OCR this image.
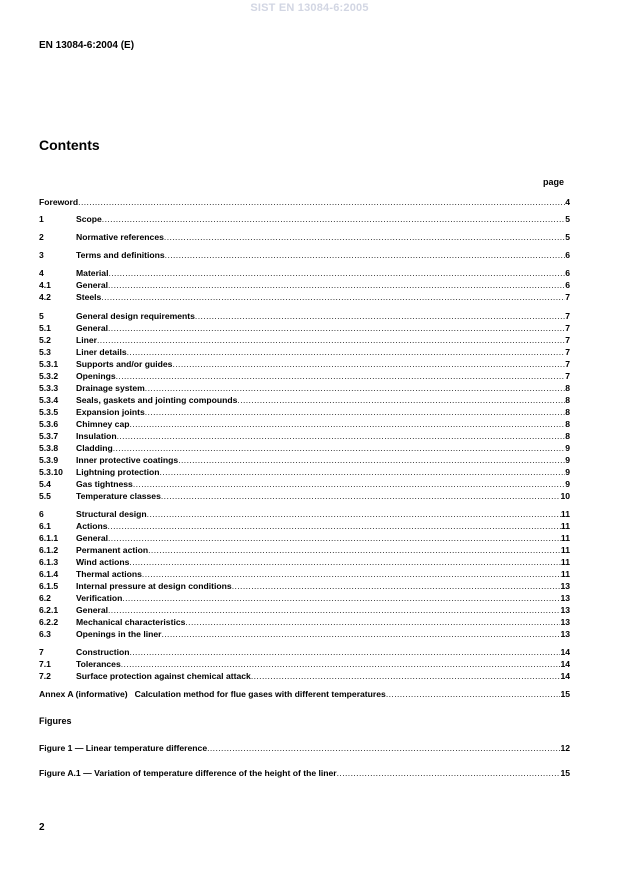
SIST EN 13084-6:2005
EN 13084-6:2004 (E)
Contents
page
Foreword .....	4
1	Scope .....	5
2	Normative references .....	5
3	Terms and definitions .....	6
4	Material .....	6
4.1	General .....	6
4.2	Steels .....	7
5	General design requirements .....	7
5.1	General .....	7
5.2	Liner .....	7
5.3	Liner details .....	7
5.3.1	Supports and/or guides .....	7
5.3.2	Openings .....	7
5.3.3	Drainage system .....	8
5.3.4	Seals, gaskets and jointing compounds .....	8
5.3.5	Expansion joints .....	8
5.3.6	Chimney cap .....	8
5.3.7	Insulation .....	8
5.3.8	Cladding .....	9
5.3.9	Inner protective coatings .....	9
5.3.10	Lightning protection .....	9
5.4	Gas tightness .....	9
5.5	Temperature classes .....	10
6	Structural design .....	11
6.1	Actions .....	11
6.1.1	General .....	11
6.1.2	Permanent action .....	11
6.1.3	Wind actions .....	11
6.1.4	Thermal actions .....	11
6.1.5	Internal pressure at design conditions .....	13
6.2	Verification .....	13
6.2.1	General .....	13
6.2.2	Mechanical characteristics .....	13
6.3	Openings in the liner .....	13
7	Construction .....	14
7.1	Tolerances .....	14
7.2	Surface protection against chemical attack .....	14
Annex A (informative) Calculation method for flue gases with different temperatures .....	15
Figures
Figure 1 — Linear temperature difference .....	12
Figure A.1 — Variation of temperature difference of the height of the liner .....	15
2
